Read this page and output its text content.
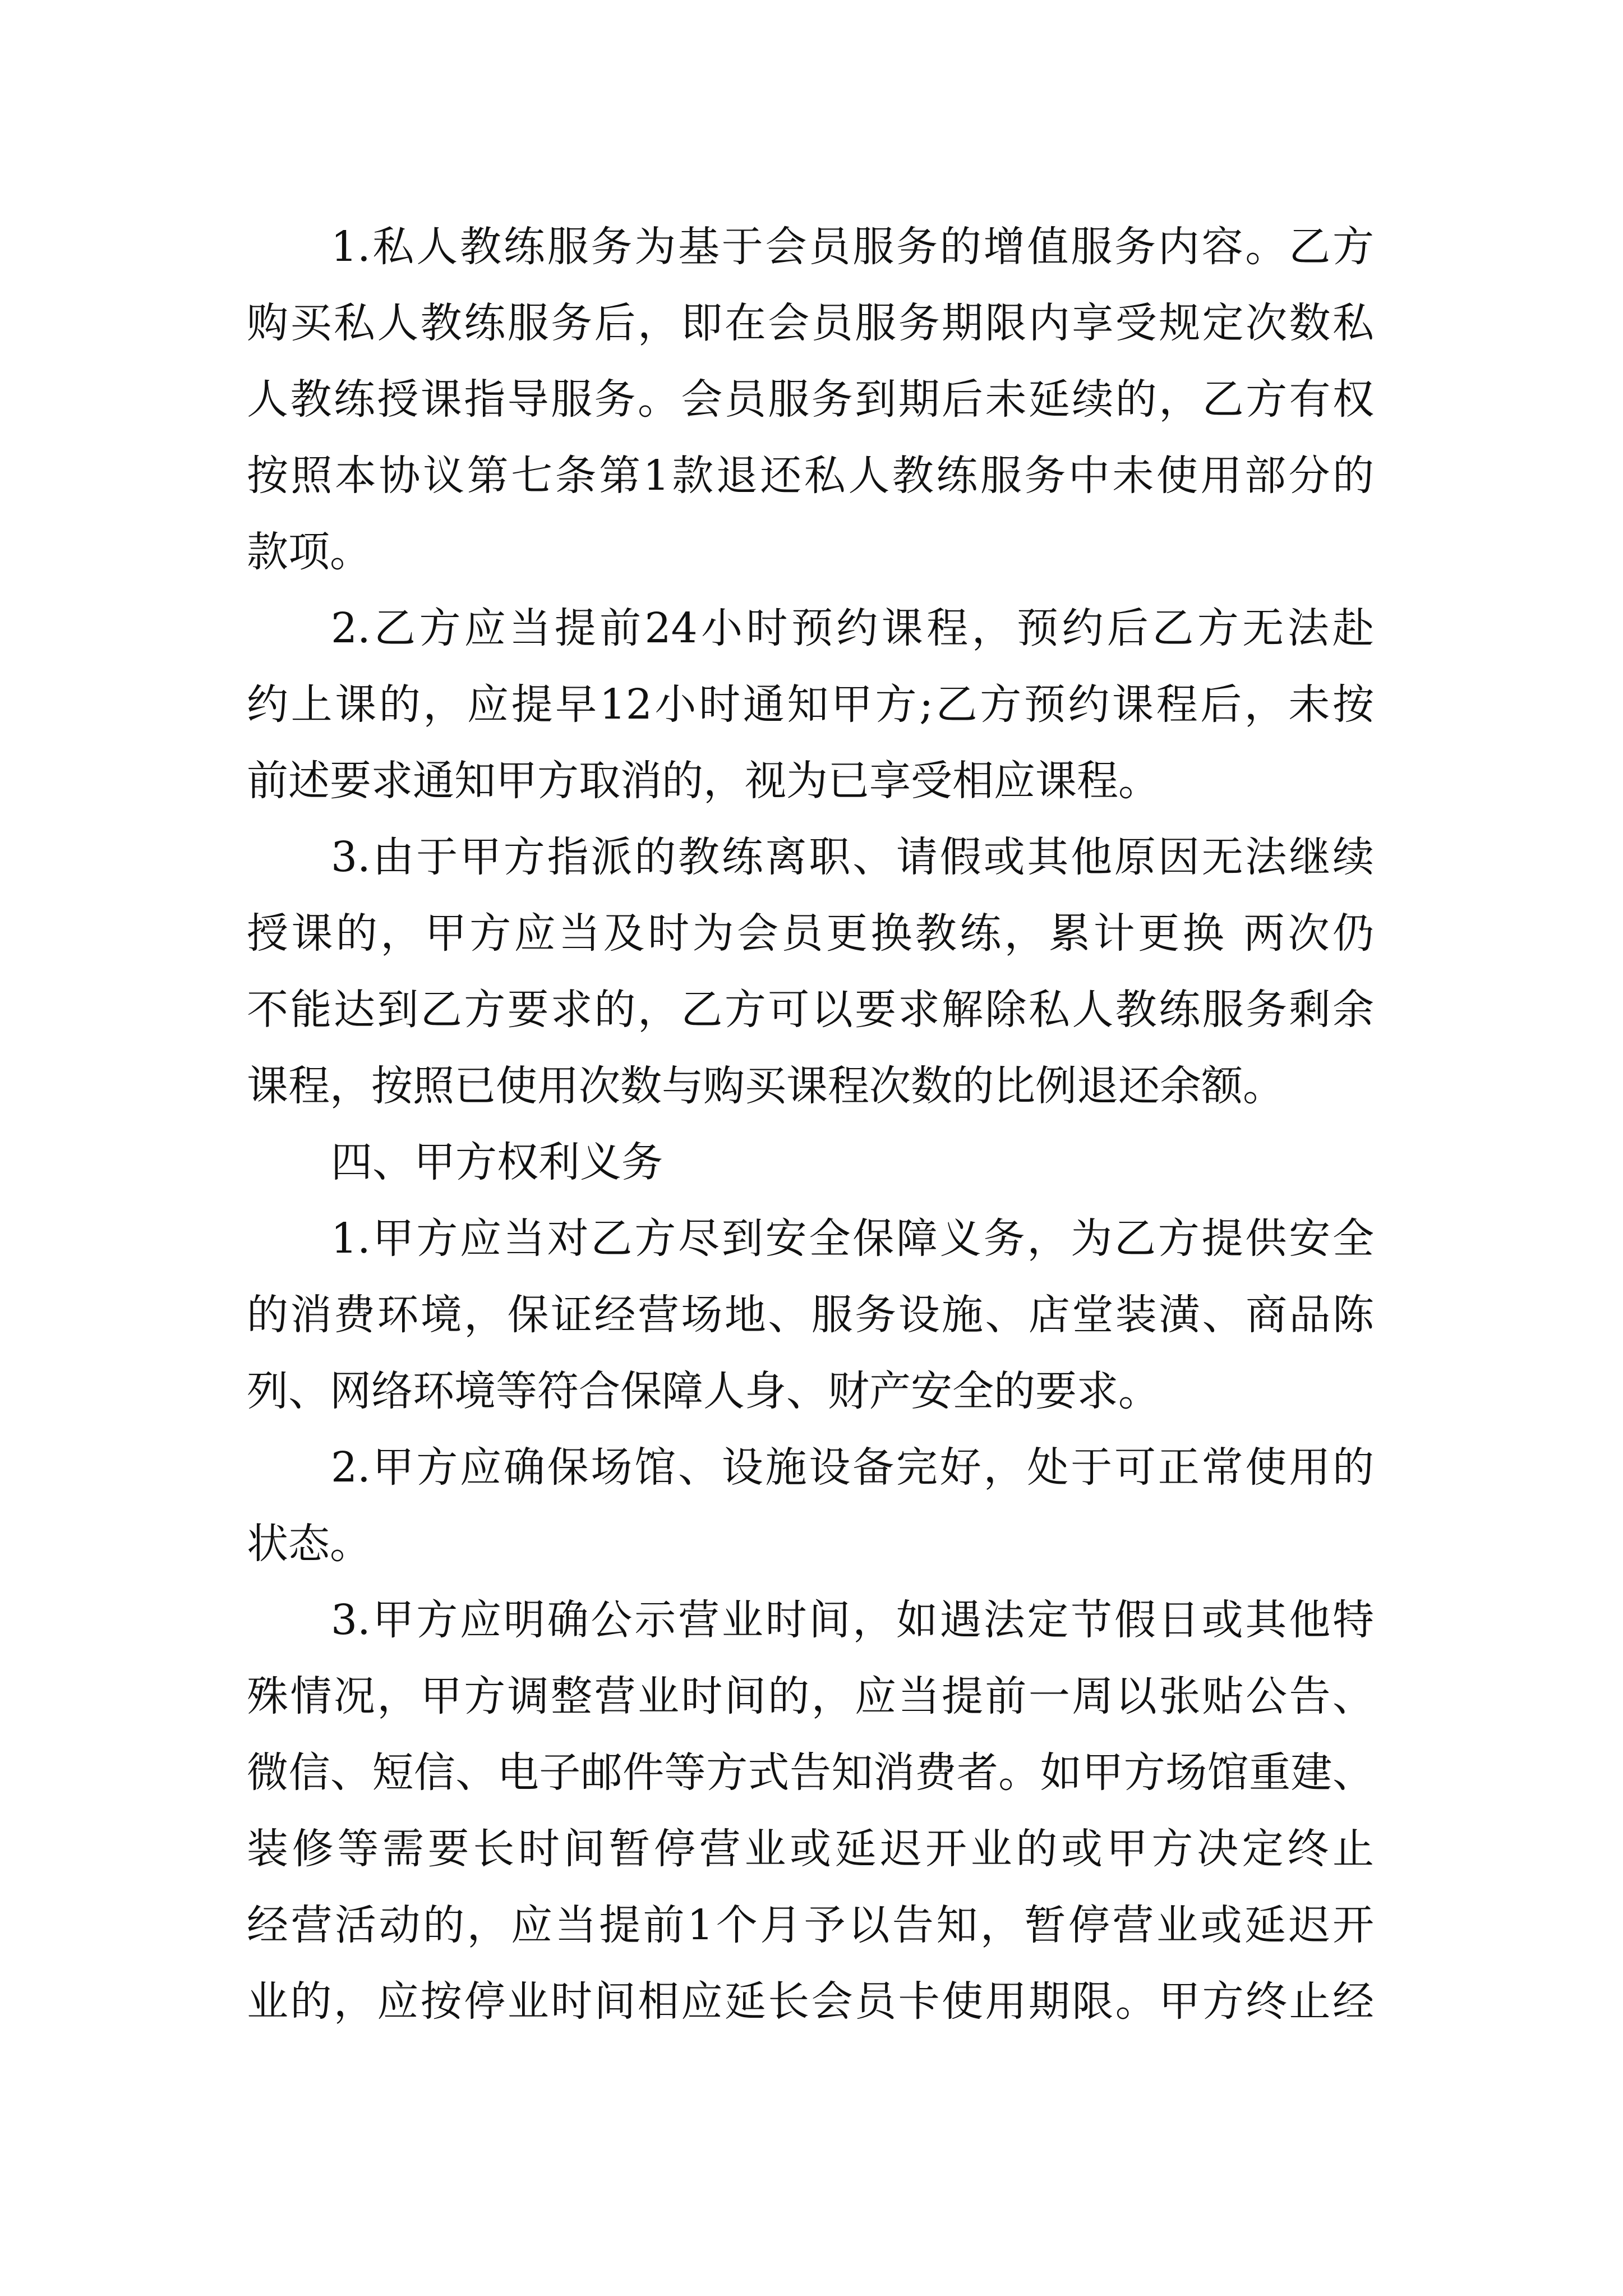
1.私人教练服务为基于会员服务的增值服务内容。乙方
购买私人教练服务后，即在会员服务期限内享受规定次数私
人教练授课指导服务。会员服务到期后未延续的，乙方有权
按照本协议第七条第1款退还私人教练服务中未使用部分的
款项。
2.乙方应当提前24小时预约课程，预约后乙方无法赴
约上课的，应提早12小时通知甲方;乙方预约课程后，未按
前述要求通知甲方取消的，视为已享受相应课程。
3.由于甲方指派的教练离职、请假或其他原因无法继续
授课的，甲方应当及时为会员更换教练，累计更换 两次仍
不能达到乙方要求的，乙方可以要求解除私人教练服务剩余
课程，按照已使用次数与购买课程次数的比例退还余额。
四、甲方权利义务
1.甲方应当对乙方尽到安全保障义务，为乙方提供安全
的消费环境，保证经营场地、服务设施、店堂装潢、商品陈
列、网络环境等符合保障人身、财产安全的要求。
2.甲方应确保场馆、设施设备完好，处于可正常使用的
状态。
3.甲方应明确公示营业时间，如遇法定节假日或其他特
殊情况，甲方调整营业时间的，应当提前一周以张贴公告、
微信、短信、电子邮件等方式告知消费者。如甲方场馆重建、
装修等需要长时间暂停营业或延迟开业的或甲方决定终止
经营活动的，应当提前1个月予以告知，暂停营业或延迟开
业的，应按停业时间相应延长会员卡使用期限。甲方终止经
